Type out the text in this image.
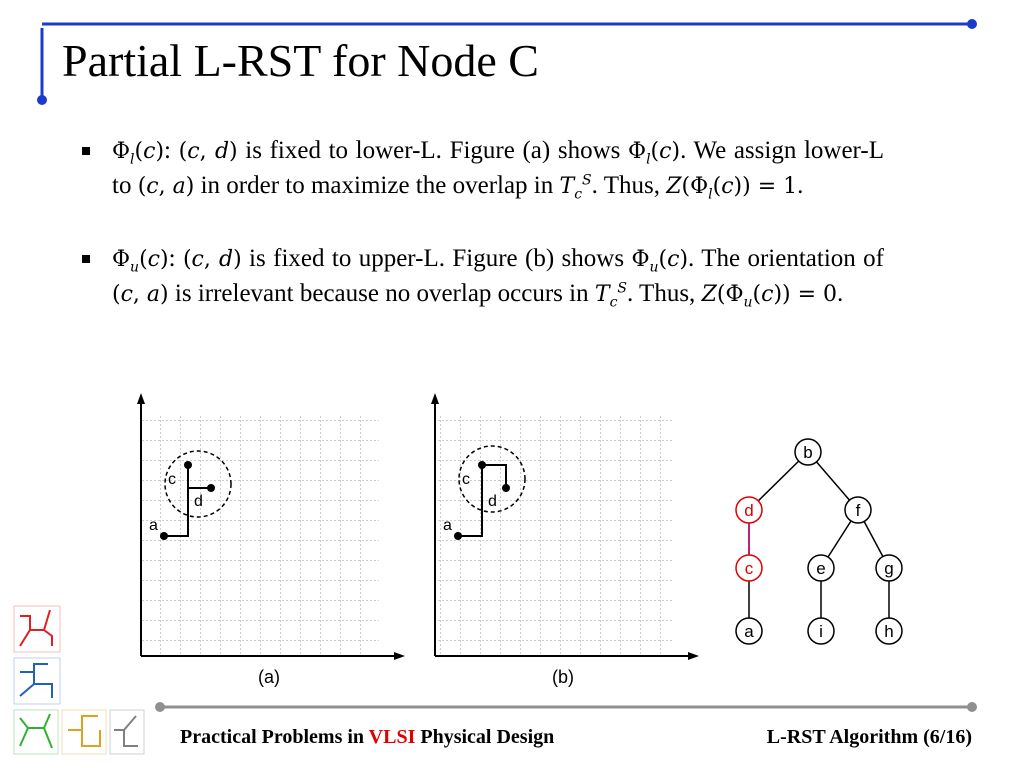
Partial L-RST for Node C
$\Phi_l(c)$: (c, d) is fixed to lower-L. Figure (a) shows $\Phi_l(c)$. We assign lower-L to (c, a) in order to maximize the overlap in $T_c^S$. Thus, $Z(\Phi_l(c)) = 1$.
$\Phi_u(c)$: (c, d) is fixed to upper-L. Figure (b) shows $\Phi_u(c)$. The orientation of (c, a) is irrelevant because no overlap occurs in $T_c^S$. Thus, $Z(\Phi_u(c)) = 0$.
c
d
a
(a)
c
d
a
(b)
b
d	f
c	e	g
a	i	h
Practical Problems in VLSI Physical Design	L-RST Algorithm (6/16)
